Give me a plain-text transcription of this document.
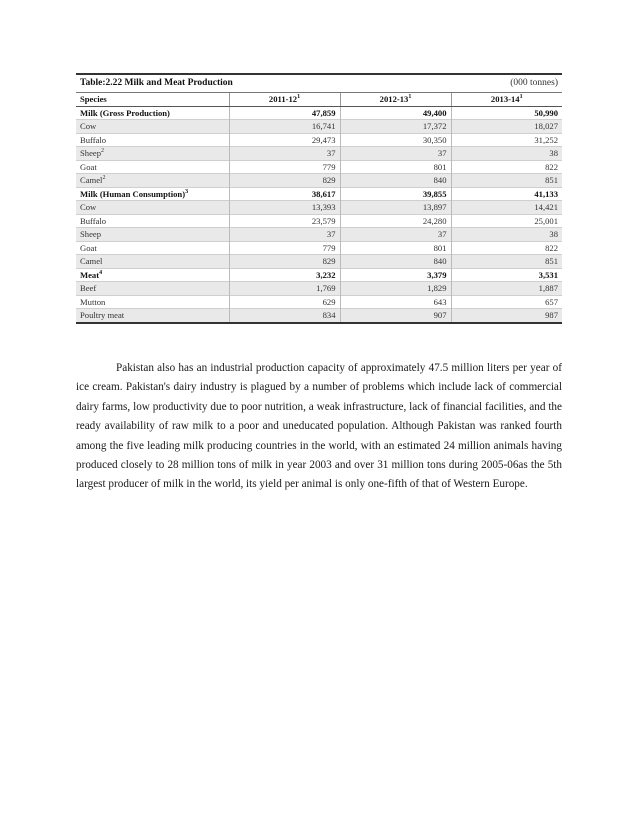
Table:2.22 Milk and Meat Production	(000 tonnes)
Species	$2011-12^1$	$2012-13^1$	$2013-14^1$
Milk (Gross Production)	47,859	49,400	50,990
Cow	16,741	17,372	18,027
Buffalo	29,473	30,350	31,252
Sheep$^2$	37	37	38
Goat	779	801	822
Camel$^2$	829	840	851
Milk (Human Consumption)$^3$	38,617	39,855	41,133
Cow	13,393	13,897	14,421
Buffalo	23,579	24,280	25,001
Sheep	37	37	38
Goat	779	801	822
Camel	829	840	851
Meat$^4$	3,232	3,379	3,531
Beef	1,769	1,829	1,887
Mutton	629	643	657
Poultry meat	834	907	987

Pakistan also has an industrial production capacity of approximately 47.5 million liters per year of ice cream. Pakistan's dairy industry is plagued by a number of problems which include lack of commercial dairy farms, low productivity due to poor nutrition, a weak infrastructure, lack of financial facilities, and the ready availability of raw milk to a poor and uneducated population. Although Pakistan was ranked fourth among the five leading milk producing countries in the world, with an estimated 24 million animals having produced closely to 28 million tons of milk in year 2003 and over 31 million tons during 2005-06as the 5th largest producer of milk in the world, its yield per animal is only one-fifth of that of Western Europe.
